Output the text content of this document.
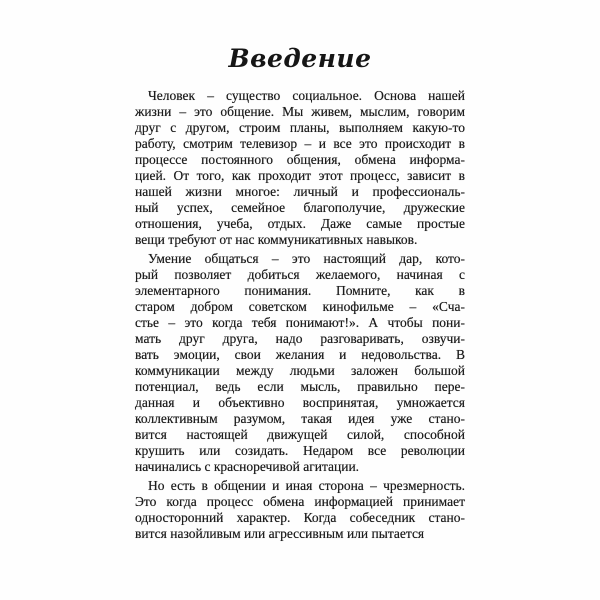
Введение
Человек – существо социальное. Основа нашей
жизни – это общение. Мы живем, мыслим, говорим
друг с другом, строим планы, выполняем какую-то
работу, смотрим телевизор – и все это происходит в
процессе постоянного общения, обмена информа-
цией. От того, как проходит этот процесс, зависит в
нашей жизни многое: личный и профессиональ-
ный успех, семейное благополучие, дружеские
отношения, учеба, отдых. Даже самые простые
вещи требуют от нас коммуникативных навыков.
Умение общаться – это настоящий дар, кото-
рый позволяет добиться желаемого, начиная с
элементарного понимания. Помните, как в
старом добром советском кинофильме – «Сча-
стье – это когда тебя понимают!». А чтобы пони-
мать друг друга, надо разговаривать, озвучи-
вать эмоции, свои желания и недовольства. В
коммуникации между людьми заложен большой
потенциал, ведь если мысль, правильно пере-
данная и объективно воспринятая, умножается
коллективным разумом, такая идея уже стано-
вится настоящей движущей силой, способной
крушить или созидать. Недаром все революции
начинались с красноречивой агитации.
Но есть в общении и иная сторона – чрезмерность.
Это когда процесс обмена информацией принимает
односторонний характер. Когда собеседник стано-
вится назойливым или агрессивным или пытается
